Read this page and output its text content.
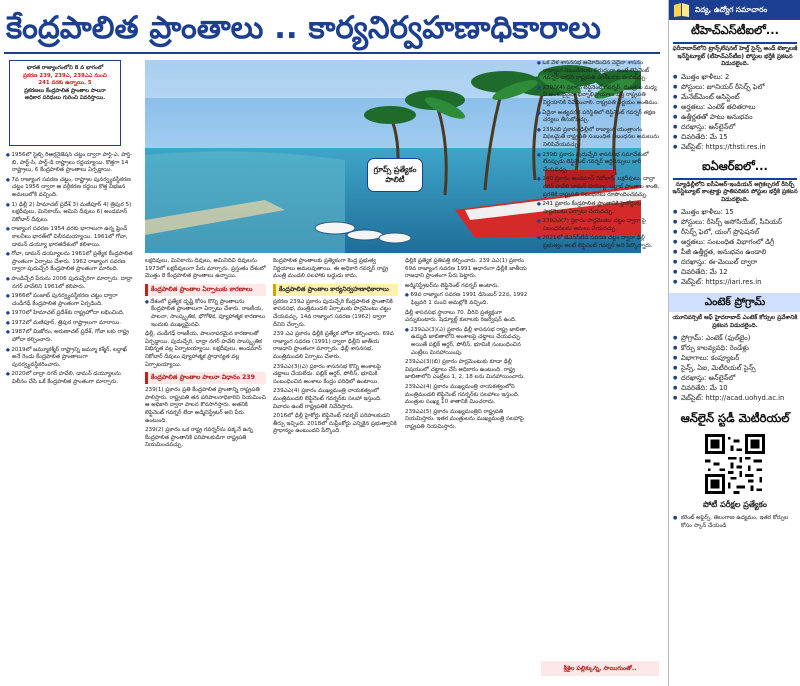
కేంద్రపాలిత ప్రాంతాలు .. కార్యనిర్వహణాధికారాలు
భారత రాజ్యాంగంలోని 8 వ భాగంలో
ప్రకరణ 239, 239ఎ, 239ఎఎ నుంచి
241 వరకు ఉన్నాయి. 5
ప్రకరణలు కేంద్రపాలిత ప్రాంతాల పాలనా
అధికార పరిధులు గురించి వివరిస్తాయి.

● 1956లో స్టేట్స్ రీఆర్గనైజేషన్ చట్టం ద్వారా పార్ట్-ఎ, పార్ట్-బి, పార్ట్-సి, పార్ట్-డి రాష్ట్రాలు రద్దయ్యాయి. కొత్తగా 14 రాష్ట్రాలు, 6 కేంద్రపాలిత ప్రాంతాలు ఏర్పడ్డాయి.

● 7వ రాజ్యాంగ సవరణ చట్టం, రాష్ట్రాల పునర్వ్యవస్థీకరణ చట్టం 1956 ద్వారా ఆ వర్గీకరణ రద్దయి కొత్త విభజన అమలులోకి వచ్చింది.

● 1) ఢిల్లీ 2) హిమాచల్ ప్రదేశ్ 3) మణిపూర్ 4) త్రిపుర 5) లక్షదీవులు, మినికాయ్, అమిని దీవులు 6) అండమాన్ నికోబార్ దీవులు.

● రాజ్యాంగ సవరణ 1954 వరకు భాగాలుగా ఉన్న ఫ్రెంచ్ కాలనీలు భారత్‌లో విలీనమయ్యాయి. 1961లో గోవా, డామన్ డయ్యూ భారతదేశంలో కలిశాయి.

● గోవా, డామన్ డయ్యూలను 1961లో ప్రత్యేక కేంద్రపాలిత ప్రాంతంగా ఏర్పాటు చేశారు. 1962 రాజ్యాంగ సవరణ ద్వారా పుదుచ్చేరి కేంద్రపాలిత ప్రాంతంగా మారింది.

● పాండిచ్చేరి పేరును 2006 పుదుచ్చేరిగా మార్చారు. దాద్రా నగర్ హవేలిని 1961లో కలిపారు.

● 1966లో పంజాబ్ పునర్వ్యవస్థీకరణ చట్టం ద్వారా చండీగఢ్ కేంద్రపాలిత ప్రాంతంగా ఏర్పడింది.

● 1970లో హిమాచల్ ప్రదేశ్‌కు రాష్ట్రహోదా లభించింది.

● 1972లో మణిపూర్, త్రిపుర రాష్ట్రాలుగా మారాయి.

● 1987లో మిజోరం, అరుణాచల్ ప్రదేశ్, గోవా లకు రాష్ట్ర హోదా కల్పించారు.

● 2019లో జమ్మూకశ్మీర్ రాష్ట్రాన్ని జమ్మూ కశ్మీర్, లద్దాఖ్ అనే రెండు కేంద్రపాలిత ప్రాంతాలుగా పునర్వ్యవస్థీకరించారు.

● 2020లో దాద్రా నగర్ హవేలి, డామన్ డయ్యూలను విలీనం చేసి ఒకే కేంద్రపాలిత ప్రాంతంగా మార్చారు.

గ్రూప్స్ ప్రత్యేకం
పాలిటీ

లక్షదీవులు, మినికాయ్ దీవులు, అమినిదీవి దీవులను 1973లో లక్షదీవులుగా పేరు మార్చారు. ప్రస్తుతం దేశంలో మొత్తం 8 కేంద్రపాలిత ప్రాంతాలు ఉన్నాయి.

కేంద్రపాలిత ప్రాంతాల ఏర్పాటుకు కారణాలు

● దేశంలో ప్రత్యేక దృష్టి కోసం కొన్ని ప్రాంతాలను కేంద్రపాలిత ప్రాంతాలుగా ఏర్పాటు చేశారు. రాజకీయ, పాలనా, సాంస్కృతిక, భౌగోళిక, వ్యూహాత్మక కారణాలు ఇందుకు ముఖ్యమైనవి.

ఢిల్లీ, చండీగఢ్ రాజకీయ, పాలనాపరమైన కారణాలతో ఏర్పడ్డాయి. పుదుచ్చేరి, దాద్రా నగర్ హవేలి సాంస్కృతిక విభిన్నత వల్ల ఏర్పాటయ్యాయి. లక్షదీవులు, అండమాన్ నికోబార్ దీవులు వ్యూహాత్మక ప్రాధాన్యత వల్ల ఏర్పాటయ్యాయి.

కేంద్రపాలిత ప్రాంతాల పాలనా విధానం 239

239(1) ప్రకారం ప్రతి కేంద్రపాలిత ప్రాంతాన్ని రాష్ట్రపతి పాలిస్తారు. రాష్ట్రపతి తన పరిపాలనాధికారిని నియమించి ఆ అధికారి ద్వారా పాలన కొనసాగిస్తారు. అతనికి లెఫ్టినెంట్ గవర్నర్ లేదా అడ్మినిస్ట్రేటర్ అని పేరు ఉంటుంది.

239(2) ప్రకారం ఒక రాష్ట్ర గవర్నర్‌ను పక్కనే ఉన్న కేంద్రపాలిత ప్రాంతానికి పరిపాలకుడిగా రాష్ట్రపతి నియమించవచ్చు.

కేంద్రపాలిత ప్రాంతాలకు ప్రత్యేకంగా కేంద్ర ప్రభుత్వ నిర్ణయాలు అమలవుతాయి. ఈ అధికారి గవర్నర్ రాష్ట్ర మంత్రి మండలి సలహాకు బద్ధుడు కాదు.

కేంద్రపాలిత ప్రాంతాల కార్యనిర్వహణాధికారాలు

ప్రకరణ 239ఎ ప్రకారం పుదుచ్చేరి కేంద్రపాలిత ప్రాంతానికి శాసనసభ, మంత్రిమండలి ఏర్పాటుకు పార్లమెంటు చట్టం చేయవచ్చు. 14వ రాజ్యాంగ సవరణ (1962) ద్వారా దీనిని చేర్చారు.

239 ఎఎ ప్రకారం ఢిల్లీకి ప్రత్యేక హోదా కల్పించారు. 69వ రాజ్యాంగ సవరణ (1991) ద్వారా ఢిల్లీని జాతీయ రాజధాని ప్రాంతంగా మార్చారు. ఢిల్లీ శాసనసభ, మంత్రిమండలి ఏర్పాటు చేశారు.

239ఎఎ(3)(ఎ) ప్రకారం శాసనసభ కొన్ని అంశాలపై చట్టాలు చేయలేదు. పబ్లిక్ ఆర్డర్, పోలీస్, భూమికి సంబంధించిన అంశాలు కేంద్రం పరిధిలో ఉంటాయి.

239ఎఎ(4) ప్రకారం ముఖ్యమంత్రి నాయకత్వంలో మంత్రిమండలి లెఫ్టినెంట్ గవర్నర్‌కు సలహా ఇస్తుంది. వివాదం ఉంటే రాష్ట్రపతికి నివేదిస్తారు.

2016లో ఢిల్లీ హైకోర్టు లెఫ్టినెంట్ గవర్నర్ పరిపాలకుడని తీర్పు ఇచ్చింది. 2018లో సుప్రీంకోర్టు ఎన్నికైన ప్రభుత్వానికి ప్రాధాన్యం ఉంటుందని పేర్కొంది.

ఢిల్లీకి ప్రత్యేక ప్రతిపత్తి కల్పించారు. 239 ఎఎ(1) ప్రకారం 69వ రాజ్యాంగ సవరణ 1991 ఆధారంగా ఢిల్లీకి జాతీయ రాజధాని ప్రాంతంగా పేరు పెట్టారు.

అడ్మినిస్ట్రేటర్‌ను లెఫ్టినెంట్ గవర్నర్ అంటారు.

● 69వ రాజ్యాంగ సవరణ 1991 డిసెంబర్ 22న, 1992 ఫిబ్రవరి 1 నుంచి అమల్లోకి వచ్చింది.

ఢిల్లీ శాసనసభ స్థానాలు 70. వీరిని ప్రత్యక్షంగా ఎన్నుకుంటారు. షెడ్యూల్డ్ కులాలకు రిజర్వేషన్ ఉంది.

● 239ఎఎ(3)(ఎ) ప్రకారం ఢిల్లీ శాసనసభ రాష్ట్ర జాబితా, ఉమ్మడి జాబితాలోని అంశాలపై చట్టాలు చేయవచ్చు. అయితే పబ్లిక్ ఆర్డర్, పోలీస్, భూమికి సంబంధించిన ఎంట్రీలు మినహాయింపు.

239ఎఎ(3)(బి) ప్రకారం పార్లమెంటుకు కూడా ఢిల్లీ విషయంలో చట్టాలు చేసే అధికారం ఉంటుంది. రాష్ట్ర జాబితాలోని ఎంట్రీలు 1, 2, 18 లను మినహాయించారు.

239ఎఎ(4) ప్రకారం ముఖ్యమంత్రి నాయకత్వంలోని మంత్రిమండలి లెఫ్టినెంట్ గవర్నర్‌కు సలహాలు ఇస్తుంది. మంత్రుల సంఖ్య 10 శాతానికి మించరాదు.

239ఎఎ(5) ప్రకారం ముఖ్యమంత్రిని రాష్ట్రపతి నియమిస్తారు. ఇతర మంత్రులను ముఖ్యమంత్రి సలహాపై రాష్ట్రపతి నియమిస్తారు.

● ఒక వేళ శాసనసభ ఆమోదించిన ఏదైనా శాసనం రాజ్యాంగ నిబంధనలకు విరుద్ధంగా ఉంటే లెఫ్టినెంట్ గవర్నర్ దానిని రాష్ట్రపతి పరిశీలనకు పంపవచ్చు.

● 239ఎ(4) ప్రకారం లెఫ్టినెంట్ గవర్నర్, మంత్రుల మధ్య ఏ అంశంపైనైనా భిన్నాభిప్రాయాలు వస్తే రాష్ట్రపతి నిర్ణయానికి నివేదించాలి. రాష్ట్రపతి నిర్ణయం అంతిమం.

● ఏదైనా అత్యవసర పరిస్థితిలో లెఫ్టినెంట్ గవర్నర్ తక్షణ చర్యలు తీసుకోవచ్చు.

● 239ఎబి ప్రకారం ఢిల్లీలో రాజ్యాంగ యంత్రాంగం విఫలమైతే రాష్ట్రపతి సంబంధిత నిబంధనల అమలును నిలిపివేయవచ్చు.

● 239బి ప్రకారం పుదుచ్చేరి శాసనసభ సమావేశంలో లేనప్పుడు లెఫ్టినెంట్ గవర్నర్ ఆర్డినెన్సులు జారీ చేయవచ్చు.

● 240 ప్రకారం అండమాన్ నికోబార్, లక్షదీవులు, దాద్రా నగర్ హవేలి డామన్ డయ్యూ, లద్దాఖ్ ప్రాంతాల శాంతి, ప్రగతికి రాష్ట్రపతి నిబంధనలు రూపొందించవచ్చు.

● 241 ప్రకారం కేంద్రపాలిత ప్రాంతానికి హైకోర్టును పార్లమెంటు ఏర్పాటు చేయవచ్చు.

● 239ఎఎ(7) ప్రకారం పార్లమెంటు చట్టం ద్వారా పై నిబంధనలను అమలు చేయవచ్చు.

● 2021లో జీఎన్‌సీటీడీ సవరణ చట్టం ద్వారా ఢిల్లీ ప్రభుత్వం అంటే లెఫ్టినెంట్ గవర్నర్ అని పేర్కొన్నారు.

శ్రీశైల పల్లిక్కున్న, సాయిగుంతో..
విద్య, ఉద్యోగ సమాచారం
టీహెచ్‌ఎస్‌టీఐలో...
ఫరీదాబాద్‌లోని ట్రాన్స్‌లేషనల్ హెల్త్ సైన్స్ అండ్ టెక్నాలజీ ఇన్‌స్టిట్యూట్ (టీహెచ్‌ఎస్‌టీఐ) పోస్టుల భర్తీకి ప్రకటన విడుదలైంది.
● మొత్తం ఖాళీలు: 2
● పోస్టులు: జూనియర్ రీసెర్చ్ ఫెలో
● మేనేజ్‌మెంట్ అసిస్టెంట్
● అర్హతలు: ఎంటెక్ తదితరాలు
● ఉత్తీర్ణతతో పాటు అనుభవం
● దరఖాస్తు: ఆన్‌లైన్‌లో
● చివరితేది: మే 15
● వెబ్‌సైట్: https://thsti.res.in
ఐఏఆర్‌ఐలో...
న్యూఢిల్లీలోని ఐసీఏఆర్-ఇండియన్ అగ్రికల్చరల్ రీసెర్చ్ ఇన్‌స్టిట్యూట్ కాంట్రాక్టు ప్రాతిపదికన పోస్టుల భర్తీకి ప్రకటన విడుదలైంది.
● మొత్తం ఖాళీలు: 15
● పోస్టులు: రీసెర్చ్ అసోసియేట్, సీనియర్
● రీసెర్చ్ ఫెలో, యంగ్ ప్రొఫెషనల్
● అర్హతలు: సంబంధిత విభాగంలో డిగ్రీ
● పీజీ ఉత్తీర్ణత, అనుభవం ఉండాలి
● దరఖాస్తు: ఈ-మెయిల్ ద్వారా
● చివరితేది: మే 12
● వెబ్‌సైట్: https://iari.res.in
ఎంటెక్ ప్రోగ్రామ్
యూనివర్సిటీ ఆఫ్ హైదరాబాద్ ఎంటెక్ కోర్సుల ప్రవేశానికి ప్రకటన విడుదలైంది.
● ప్రోగ్రామ్: ఎంటెక్ (ఫుల్‌టైం)
● కోర్సు కాలవ్యవధి: రెండేళ్లు
● విభాగాలు: కంప్యూటర్
● సైన్స్, ఏఐ, మెటీరియల్ సైన్స్
● దరఖాస్తు: ఆన్‌లైన్‌లో
● చివరితేది: మే 10
● వెబ్‌సైట్: http://acad.uohyd.ac.in
ఆన్‌లైన్ స్టడీ మెటీరియల్
పోటీ పరీక్షల ప్రత్యేకం
● కరెంట్ అఫైర్స్, తెలంగాణ ఉద్యమం, ఇతర కోర్సుల కోసం స్కాన్ చేయండి
